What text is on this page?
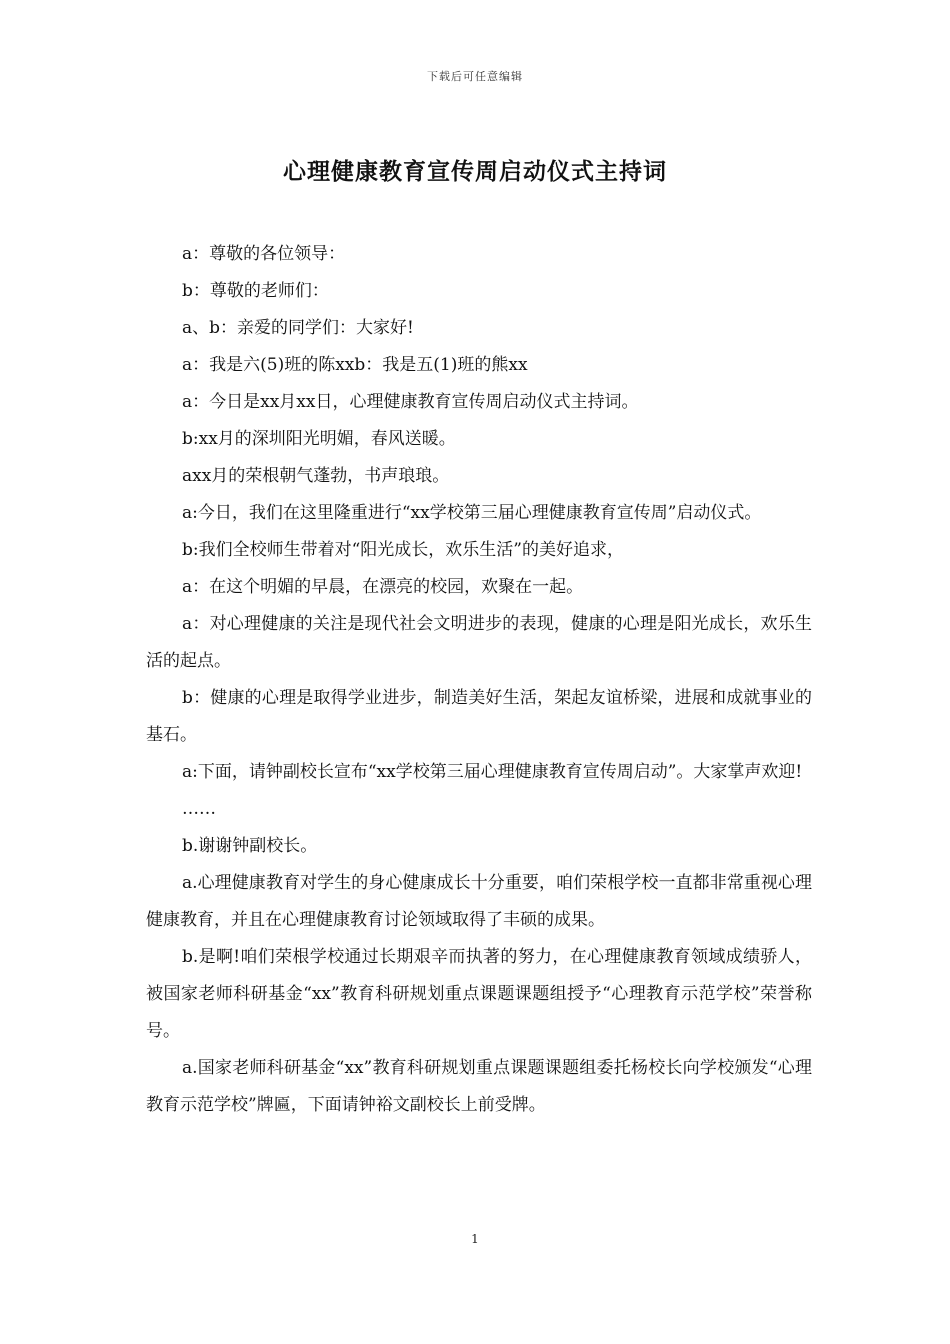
下载后可任意编辑
心理健康教育宣传周启动仪式主持词

a：尊敬的各位领导：

b：尊敬的老师们：

a、b：亲爱的同学们：大家好!

a：我是六(5)班的陈xxb：我是五(1)班的熊xx

a：今日是xx月xx日，心理健康教育宣传周启动仪式主持词。

b:xx月的深圳阳光明媚，春风送暖。

axx月的荣根朝气蓬勃，书声琅琅。

a:今日，我们在这里隆重进行“xx学校第三届心理健康教育宣传周”启动仪式。

b:我们全校师生带着对“阳光成长，欢乐生活”的美好追求，

a：在这个明媚的早晨，在漂亮的校园，欢聚在一起。

a：对心理健康的关注是现代社会文明进步的表现，健康的心理是阳光成长，欢乐生活的起点。

b：健康的心理是取得学业进步，制造美好生活，架起友谊桥梁，进展和成就事业的基石。

a:下面，请钟副校长宣布“xx学校第三届心理健康教育宣传周启动”。大家掌声欢迎!

……

b.谢谢钟副校长。

a.心理健康教育对学生的身心健康成长十分重要，咱们荣根学校一直都非常重视心理健康教育，并且在心理健康教育讨论领域取得了丰硕的成果。

b.是啊!咱们荣根学校通过长期艰辛而执著的努力，在心理健康教育领域成绩骄人，被国家老师科研基金“xx”教育科研规划重点课题课题组授予“心理教育示范学校”荣誉称号。

a.国家老师科研基金“xx”教育科研规划重点课题课题组委托杨校长向学校颁发“心理教育示范学校”牌匾，下面请钟裕文副校长上前受牌。

1
